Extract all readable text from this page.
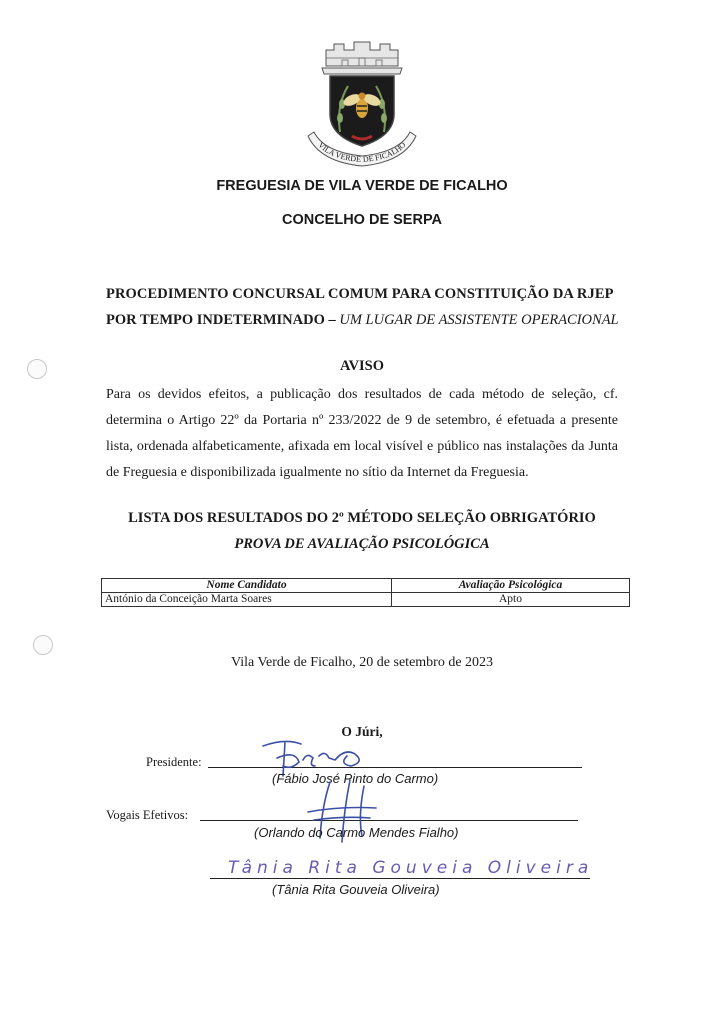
VILA VERDE DE FICALHO
FREGUESIA DE VILA VERDE DE FICALHO
CONCELHO DE SERPA
PROCEDIMENTO CONCURSAL COMUM PARA CONSTITUIÇÃO DA RJEP
POR TEMPO INDETERMINADO – UM LUGAR DE ASSISTENTE OPERACIONAL
AVISO
Para os devidos efeitos, a publicação dos resultados de cada método de seleção, cf. determina o Artigo 22º da Portaria nº 233/2022 de 9 de setembro, é efetuada a presente lista, ordenada alfabeticamente, afixada em local visível e público nas instalações da Junta de Freguesia e disponibilizada igualmente no sítio da Internet da Freguesia.
LISTA DOS RESULTADOS DO 2º MÉTODO SELEÇÃO OBRIGATÓRIO
PROVA DE AVALIAÇÃO PSICOLÓGICA
Nome Candidato	Avaliação Psicológica
António da Conceição Marta Soares	Apto
Vila Verde de Ficalho, 20 de setembro de 2023
O Júri,
Presidente:
(Fábio José Pinto do Carmo)
Vogais Efetivos:
(Orlando do Carmo Mendes Fialho)
Tânia Rita Gouveia Oliveira
(Tânia Rita Gouveia Oliveira)
